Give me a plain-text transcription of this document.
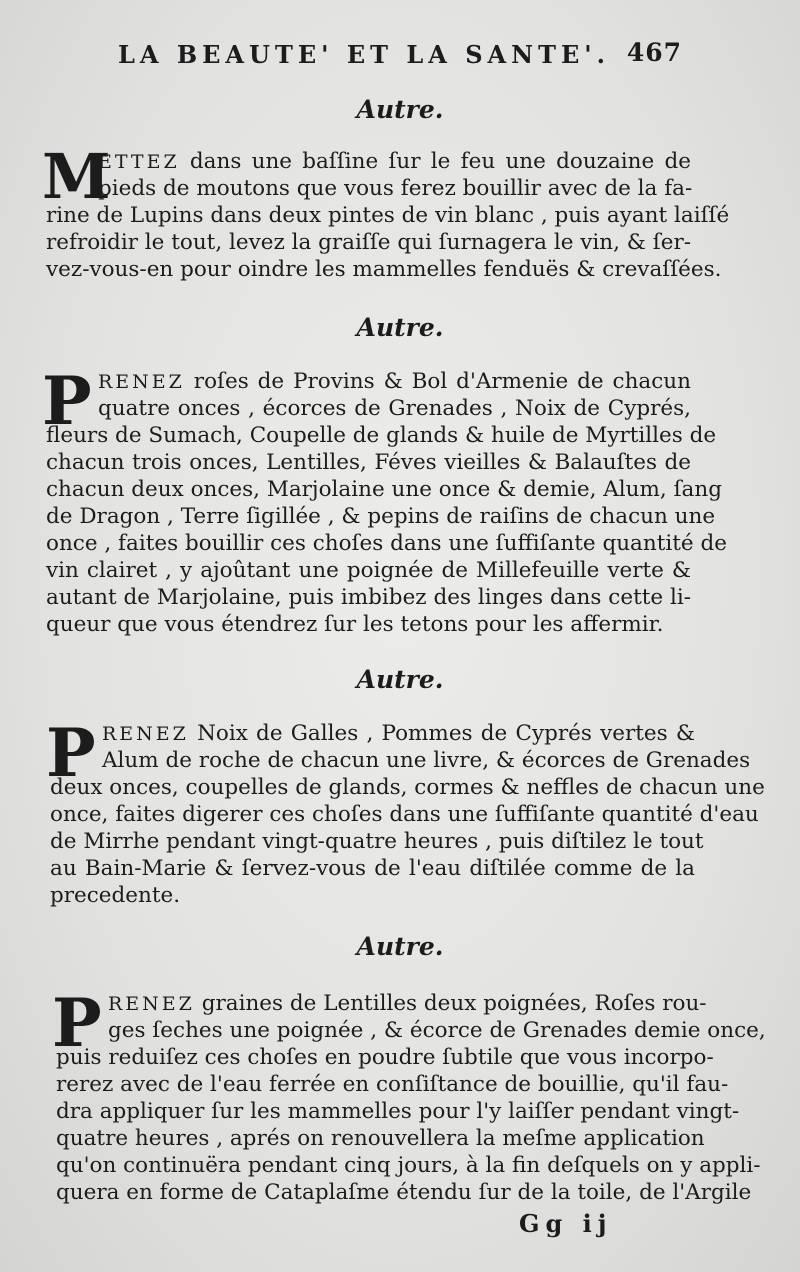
LA BEAUTE' ET LA SANTE'. 467
Autre.
M
ETTEZ dans une baſſine ſur le feu une douzaine de
pieds de moutons que vous ferez bouillir avec de la fa-
rine de Lupins dans deux pintes de vin blanc , puis ayant laiſſé
refroidir le tout, levez la graiſſe qui ſurnagera le vin, & ſer-
vez-vous-en pour oindre les mammelles fenduës & crevaſſées.
Autre.
P RENEZ roſes de Provins & Bol d'Armenie de chacun
quatre onces , écorces de Grenades , Noix de Cyprés,
fleurs de Sumach, Coupelle de glands & huile de Myrtilles de
chacun trois onces, Lentilles, Féves vieilles & Balauſtes de
chacun deux onces, Marjolaine une once & demie, Alum, ſang
de Dragon , Terre ſigillée , & pepins de raiſins de chacun une
once , faites bouillir ces choſes dans une ſuffiſante quantité de
vin clairet , y ajoûtant une poignée de Millefeuille verte &
autant de Marjolaine, puis imbibez des linges dans cette li-
queur que vous étendrez ſur les tetons pour les affermir.
Autre.
P RENEZ Noix de Galles , Pommes de Cyprés vertes &
Alum de roche de chacun une livre, & écorces de Grenades
deux onces, coupelles de glands, cormes & neffles de chacun une
once, faites digerer ces choſes dans une ſuffiſante quantité d'eau
de Mirrhe pendant vingt-quatre heures , puis diſtilez le tout
au Bain-Marie & ſervez-vous de l'eau diſtilée comme de la
precedente.
Autre.
P RENEZ graines de Lentilles deux poignées, Roſes rou-
ges ſeches une poignée , & écorce de Grenades demie once,
puis reduiſez ces choſes en poudre ſubtile que vous incorpo-
rerez avec de l'eau ferrée en conſiſtance de bouillie, qu'il fau-
dra appliquer ſur les mammelles pour l'y laiſſer pendant vingt-
quatre heures , aprés on renouvellera la meſme application
qu'on continuëra pendant cinq jours, à la fin deſquels on y appli-
quera en forme de Cataplaſme étendu ſur de la toile, de l'Argile
Gg ij
